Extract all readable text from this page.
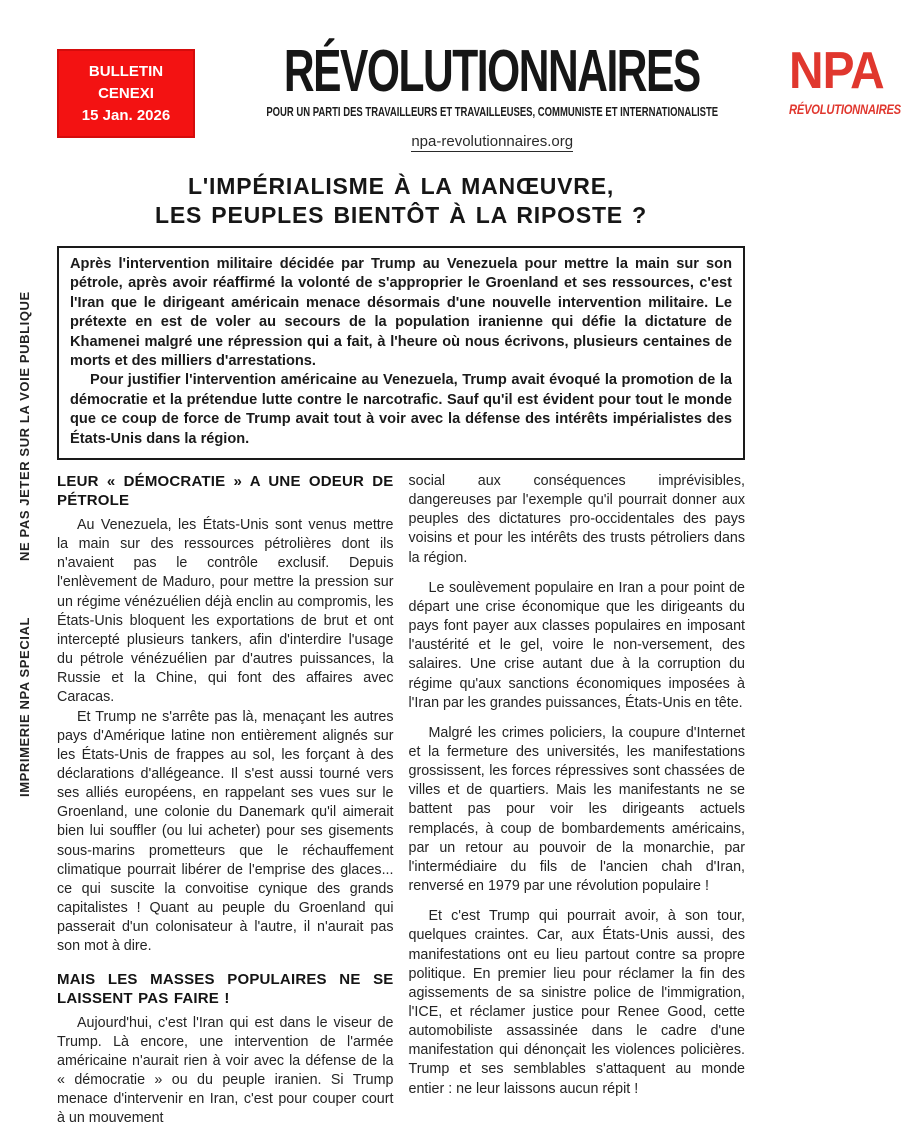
IMPRIMERIE NPA SPECIALNE PAS JETER SUR LA VOIE PUBLIQUE
BULLETIN
CENEXI
15 Jan. 2026
RÉVOLUTIONNAIRES
POUR UN PARTI DES TRAVAILLEURS ET TRAVAILLEUSES, COMMUNISTE ET INTERNATIONALISTE
npa-revolutionnaires.org
NPA
RÉVOLUTIONNAIRES
L'IMPÉRIALISME À LA MANŒUVRE,
LES PEUPLES BIENTÔT À LA RIPOSTE ?

Après l'intervention militaire décidée par Trump au Venezuela pour mettre la main sur son pétrole, après avoir réaffirmé la volonté de s'approprier le Groenland et ses ressources, c'est l'Iran que le dirigeant américain menace désormais d'une nouvelle intervention militaire. Le prétexte en est de voler au secours de la population iranienne qui défie la dictature de Khamenei malgré une répression qui a fait, à l'heure où nous écrivons, plusieurs centaines de morts et des milliers d'arrestations.

Pour justifier l'intervention américaine au Venezuela, Trump avait évoqué la promotion de la démocratie et la prétendue lutte contre le narcotrafic. Sauf qu'il est évident pour tout le monde que ce coup de force de Trump avait tout à voir avec la défense des intérêts impérialistes des États-Unis dans la région.

LEUR « DÉMOCRATIE » A UNE ODEUR DE PÉTROLE

Au Venezuela, les États-Unis sont venus mettre la main sur des ressources pétrolières dont ils n'avaient pas le contrôle exclusif. Depuis l'enlèvement de Maduro, pour mettre la pression sur un régime vénézuélien déjà enclin au compromis, les États-Unis bloquent les exportations de brut et ont intercepté plusieurs tankers, afin d'interdire l'usage du pétrole vénézuélien par d'autres puissances, la Russie et la Chine, qui font des affaires avec Caracas.

Et Trump ne s'arrête pas là, menaçant les autres pays d'Amérique latine non entièrement alignés sur les États-Unis de frappes au sol, les forçant à des déclarations d'allégeance. Il s'est aussi tourné vers ses alliés européens, en rappelant ses vues sur le Groenland, une colonie du Danemark qu'il aimerait bien lui souffler (ou lui acheter) pour ses gisements sous-marins prometteurs que le réchauffement climatique pourrait libérer de l'emprise des glaces... ce qui suscite la convoitise cynique des grands capitalistes ! Quant au peuple du Groenland qui passerait d'un colonisateur à l'autre, il n'aurait pas son mot à dire.

MAIS LES MASSES POPULAIRES NE SE LAISSENT PAS FAIRE !

Aujourd'hui, c'est l'Iran qui est dans le viseur de Trump. Là encore, une intervention de l'armée américaine n'aurait rien à voir avec la défense de la « démocratie » ou du peuple iranien. Si Trump menace d'intervenir en Iran, c'est pour couper court à un mouvement

social aux conséquences imprévisibles, dangereuses par l'exemple qu'il pourrait donner aux peuples des dictatures pro-occidentales des pays voisins et pour les intérêts des trusts pétroliers dans la région.

Le soulèvement populaire en Iran a pour point de départ une crise économique que les dirigeants du pays font payer aux classes populaires en imposant l'austérité et le gel, voire le non-versement, des salaires. Une crise autant due à la corruption du régime qu'aux sanctions économiques imposées à l'Iran par les grandes puissances, États-Unis en tête.

Malgré les crimes policiers, la coupure d'Internet et la fermeture des universités, les manifestations grossissent, les forces répressives sont chassées de villes et de quartiers. Mais les manifestants ne se battent pas pour voir les dirigeants actuels remplacés, à coup de bombardements américains, par un retour au pouvoir de la monarchie, par l'intermédiaire du fils de l'ancien chah d'Iran, renversé en 1979 par une révolution populaire !

Et c'est Trump qui pourrait avoir, à son tour, quelques craintes. Car, aux États-Unis aussi, des manifestations ont eu lieu partout contre sa propre politique. En premier lieu pour réclamer la fin des agissements de sa sinistre police de l'immigration, l'ICE, et réclamer justice pour Renee Good, cette automobiliste assassinée dans le cadre d'une manifestation qui dénonçait les violences policières. Trump et ses semblables s'attaquent au monde entier : ne leur laissons aucun répit !
